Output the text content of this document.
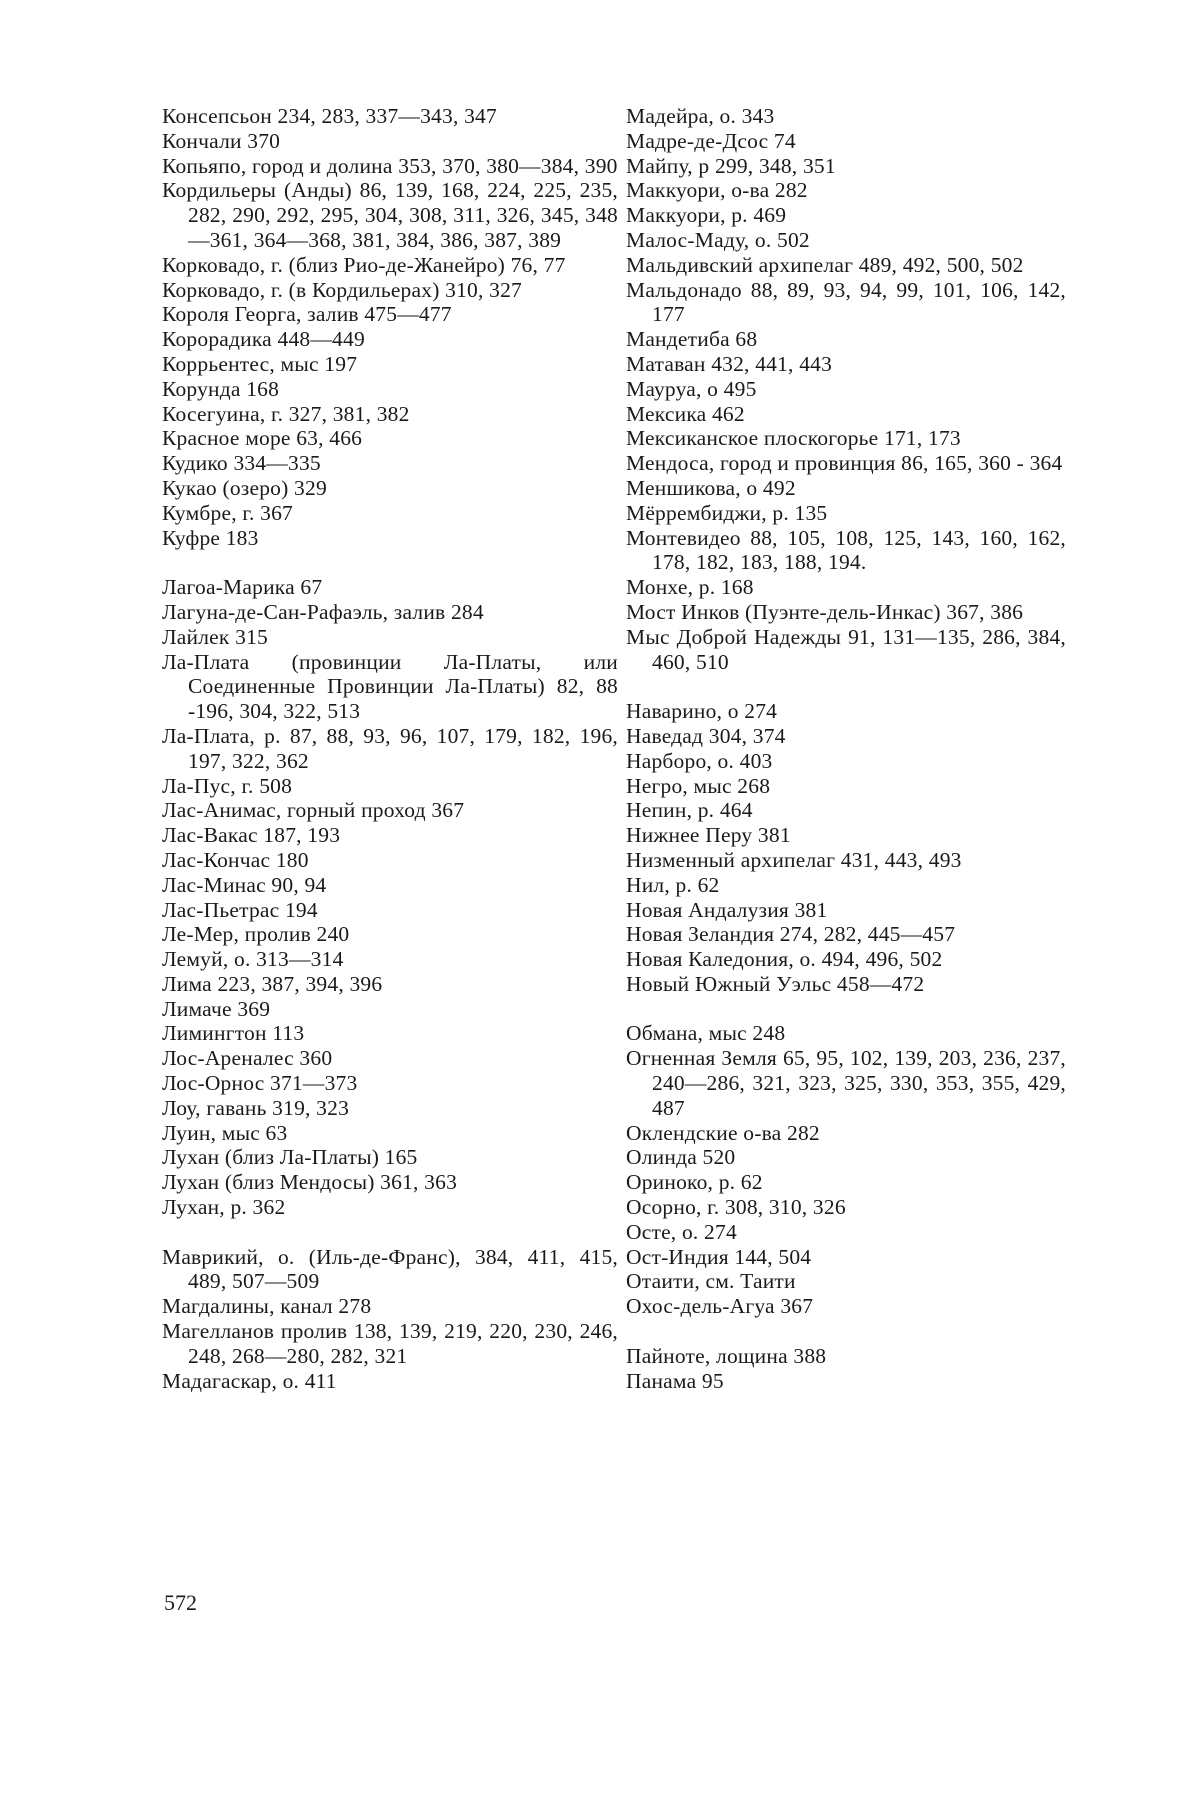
Консепсьон 234, 283, 337—343, 347
Кончали 370
Копьяпо, город и долина 353, 370, 380—384, 390
Кордильеры (Анды) 86, 139, 168, 224, 225, 235, 282, 290, 292, 295, 304, 308, 311, 326, 345, 348—361, 364—368, 381, 384, 386, 387, 389
Корковадо, г. (близ Рио-де-Жанейро) 76, 77
Корковадо, г. (в Кордильерах) 310, 327
Короля Георга, залив 475—477
Корорадика 448—449
Коррьентес, мыс 197
Корунда 168
Косегуина, г. 327, 381, 382
Красное море 63, 466
Кудико 334—335
Кукао (озеро) 329
Кумбре, г. 367
Куфре 183
Лагоа-Марика 67
Лагуна-де-Сан-Рафаэль, залив 284
Лайлек 315
Ла-Плата (провинции Ла-Платы, или Соединенные Провинции Ла-Платы) 82, 88 -196, 304, 322, 513
Ла-Плата, р. 87, 88, 93, 96, 107, 179, 182, 196, 197, 322, 362
Ла-Пус, г. 508
Лас-Анимас, горный проход 367
Лас-Вакас 187, 193
Лас-Кончас 180
Лас-Минас 90, 94
Лас-Пьетрас 194
Ле-Мер, пролив 240
Лемуй, о. 313—314
Лима 223, 387, 394, 396
Лимаче 369
Лимингтон 113
Лос-Ареналес 360
Лос-Орнос 371—373
Лоу, гавань 319, 323
Луин, мыс 63
Лухан (близ Ла-Платы) 165
Лухан (близ Мендосы) 361, 363
Лухан, р. 362
Маврикий, о. (Иль-де-Франс), 384, 411, 415, 489, 507—509
Магдалины, канал 278
Магелланов пролив 138, 139, 219, 220, 230, 246, 248, 268—280, 282, 321
Мадагаскар, о. 411
Мадейра, о. 343
Мадре-де-Дсос 74
Майпу, р 299, 348, 351
Маккуори, о-ва 282
Маккуори, р. 469
Малос-Маду, о. 502
Мальдивский архипелаг 489, 492, 500, 502
Мальдонадо 88, 89, 93, 94, 99, 101, 106, 142, 177
Мандетиба 68
Матаван 432, 441, 443
Мауруа, о 495
Мексика 462
Мексиканское плоскогорье 171, 173
Мендоса, город и провинция 86, 165, 360 - 364
Меншикова, о 492
Мёррембиджи, р. 135
Монтевидео 88, 105, 108, 125, 143, 160, 162, 178, 182, 183, 188, 194.
Монхе, р. 168
Мост Инков (Пуэнте-дель-Инкас) 367, 386
Мыс Доброй Надежды 91, 131—135, 286, 384, 460, 510
Наварино, о 274
Наведад 304, 374
Нарборо, о. 403
Негро, мыс 268
Непин, р. 464
Нижнее Перу 381
Низменный архипелаг 431, 443, 493
Нил, р. 62
Новая Андалузия 381
Новая Зеландия 274, 282, 445—457
Новая Каледония, о. 494, 496, 502
Новый Южный Уэльс 458—472
Обмана, мыс 248
Огненная Земля 65, 95, 102, 139, 203, 236, 237, 240—286, 321, 323, 325, 330, 353, 355, 429, 487
Оклендские о-ва 282
Олинда 520
Ориноко, р. 62
Осорно, г. 308, 310, 326
Осте, о. 274
Ост-Индия 144, 504
Отаити, см. Таити
Охос-дель-Агуа 367
Пайноте, лощина 388
Панама 95
572
